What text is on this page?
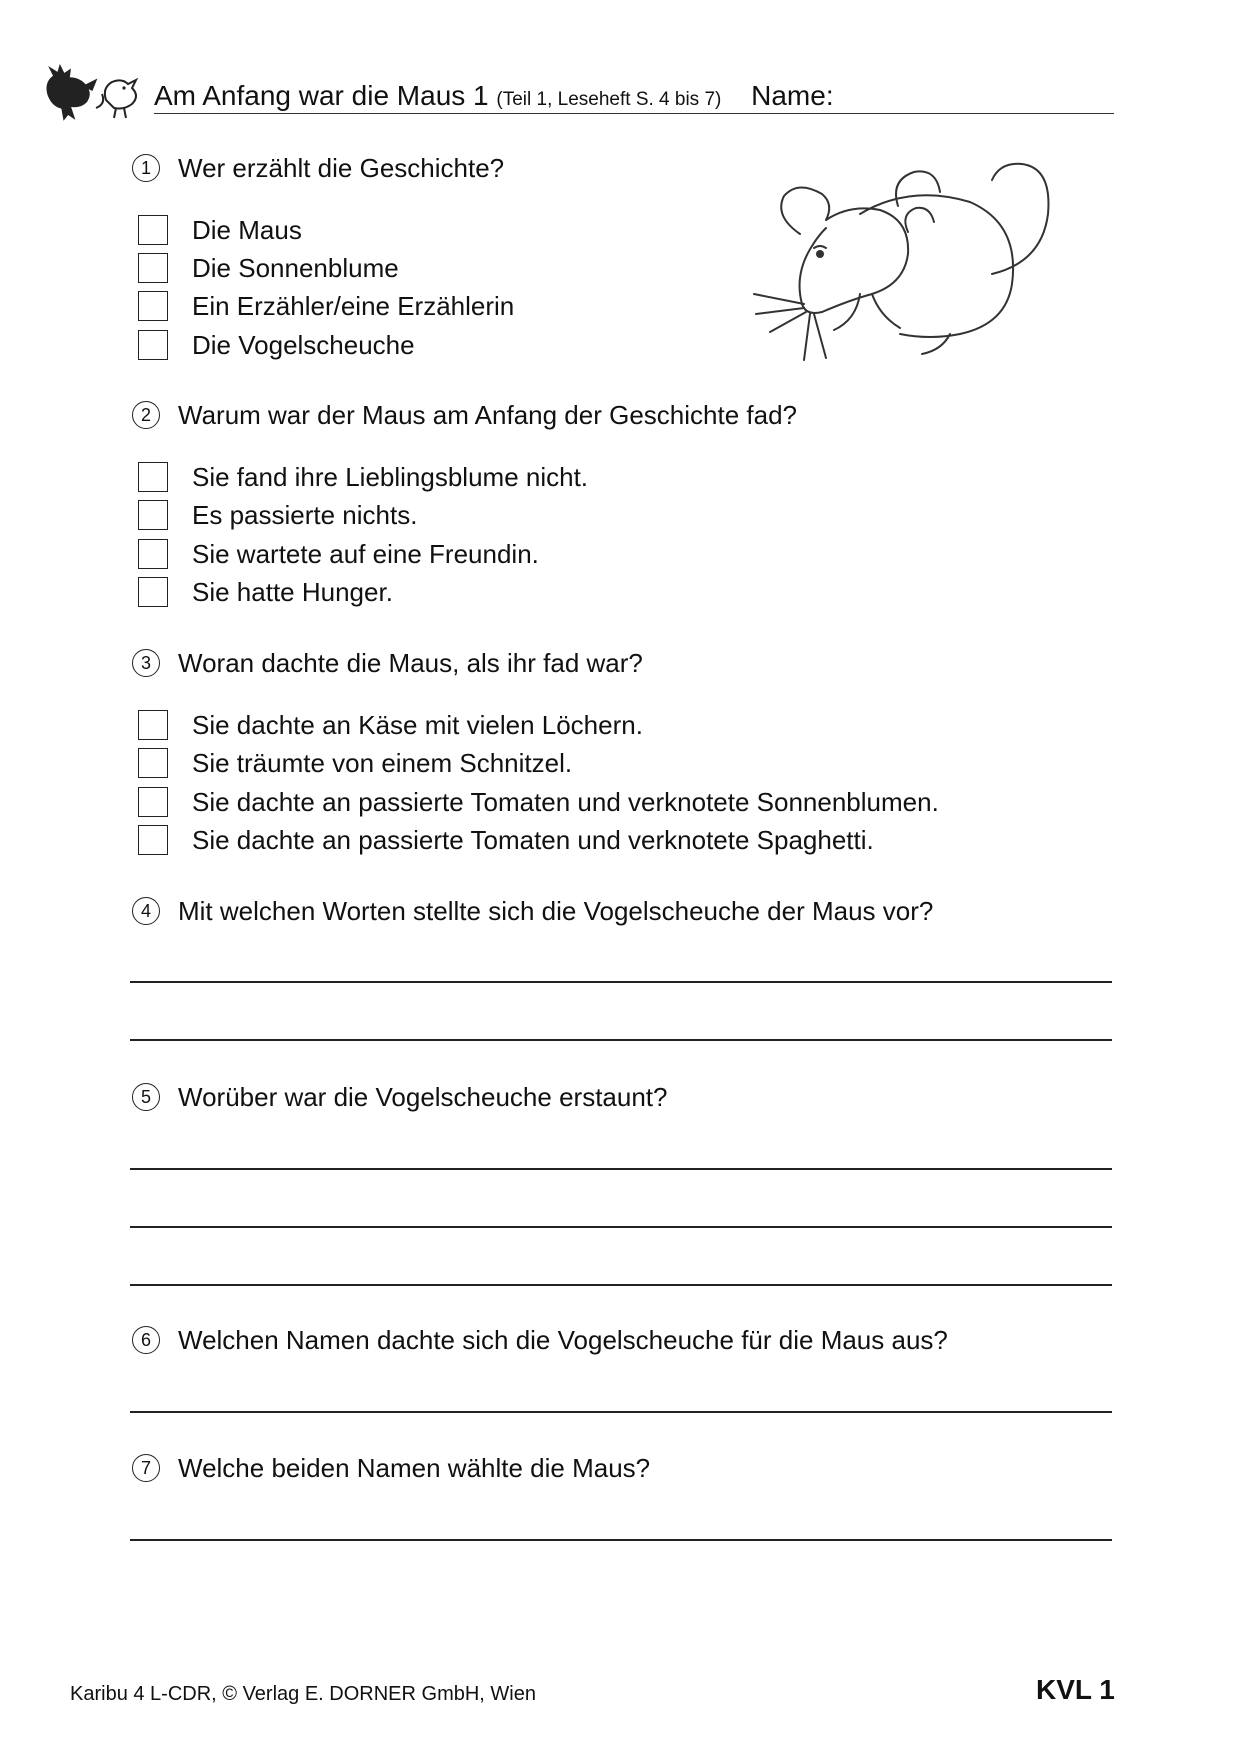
Am Anfang war die Maus 1 (Teil 1, Leseheft S. 4 bis 7) Name:
1	Wer erzählt die Geschichte?
Die Maus
Die Sonnenblume
Ein Erzähler/eine Erzählerin
Die Vogelscheuche
2	Warum war der Maus am Anfang der Geschichte fad?
Sie fand ihre Lieblingsblume nicht.
Es passierte nichts.
Sie wartete auf eine Freundin.
Sie hatte Hunger.
3	Woran dachte die Maus, als ihr fad war?
Sie dachte an Käse mit vielen Löchern.
Sie träumte von einem Schnitzel.
Sie dachte an passierte Tomaten und verknotete Sonnenblumen.
Sie dachte an passierte Tomaten und verknotete Spaghetti.
4	Mit welchen Worten stellte sich die Vogelscheuche der Maus vor?
5	Worüber war die Vogelscheuche erstaunt?
6	Welchen Namen dachte sich die Vogelscheuche für die Maus aus?
7	Welche beiden Namen wählte die Maus?
Karibu 4 L-CDR, © Verlag E. DORNER GmbH, Wien	KVL 1
